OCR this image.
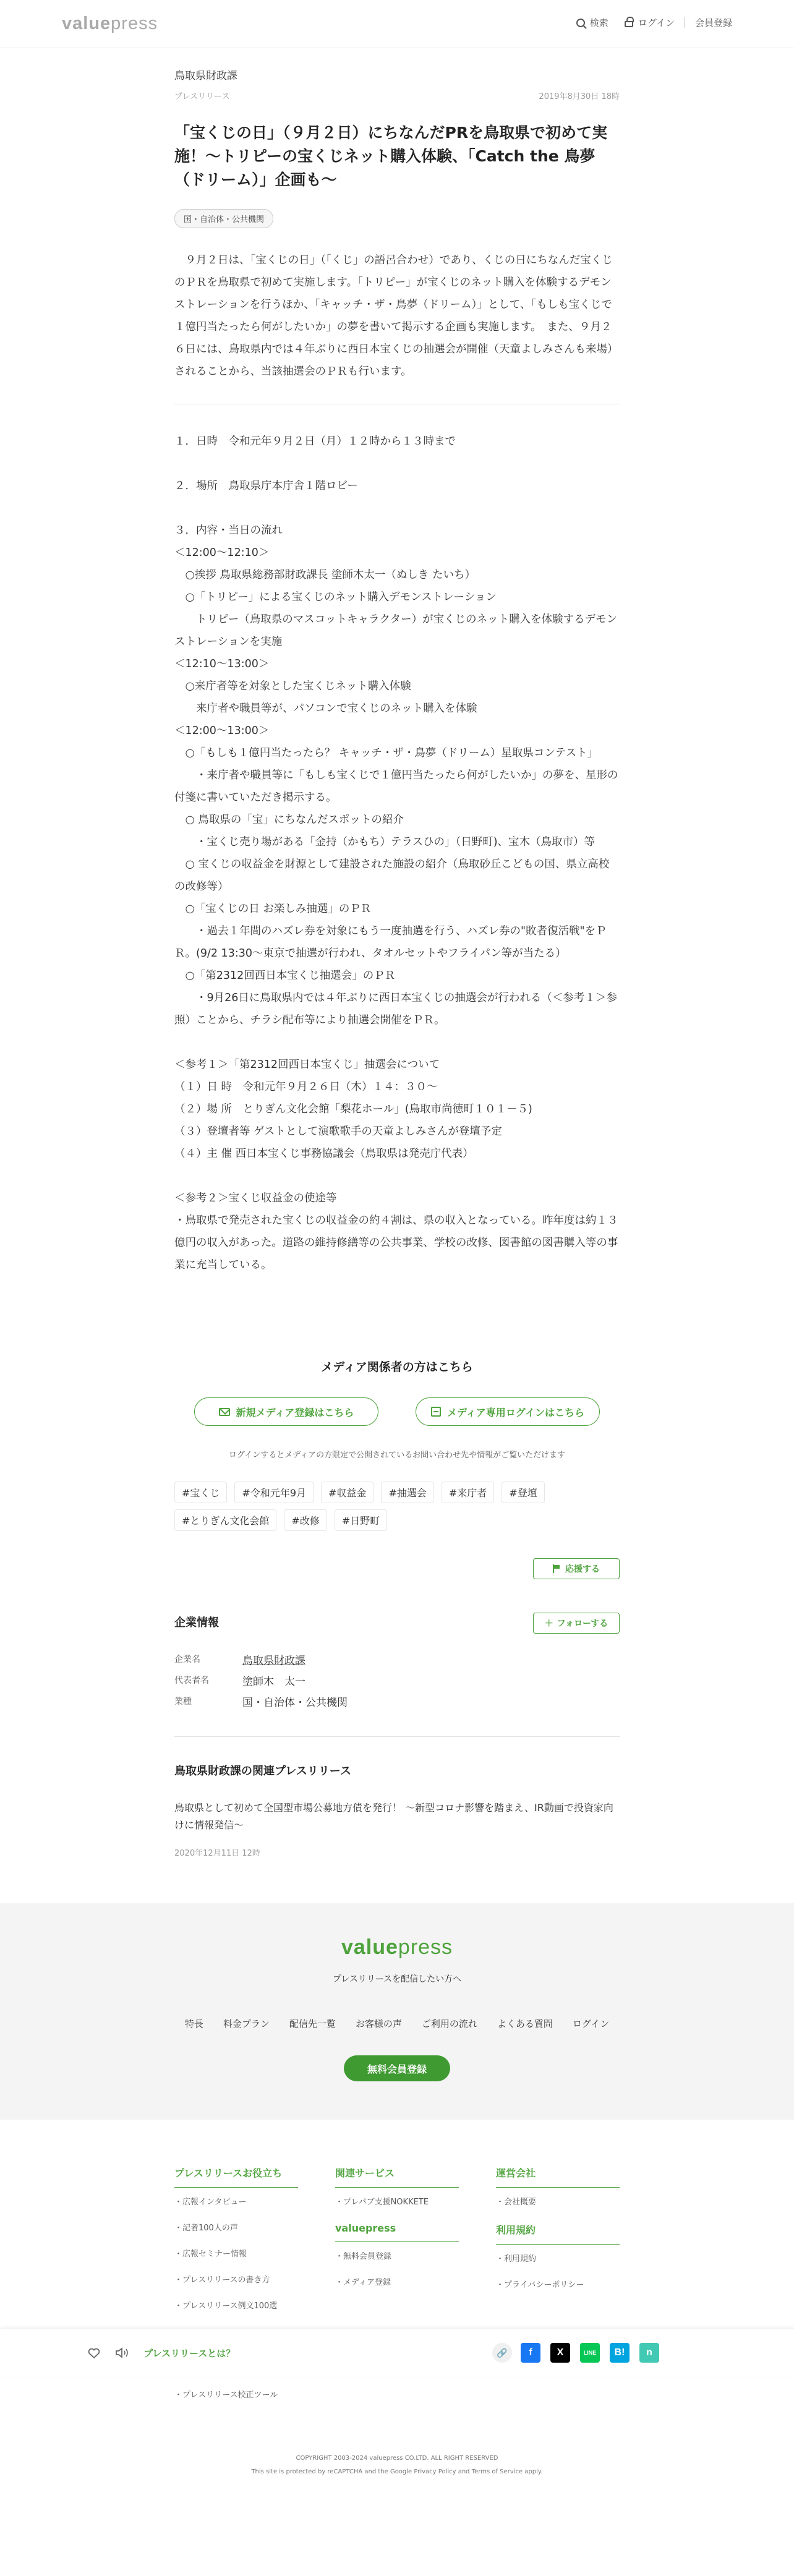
valuepress	検索	ログイン 会員登録
鳥取県財政課
プレスリリース	2019年8月30日 18時
「宝くじの日」（９月２日）にちなんだPRを鳥取県で初めて実施！～トリピーの宝くじネット購入体験、「Catch the 鳥夢（ドリーム）」企画も～
国・自治体・公共機関
　９月２日は、「宝くじの日」（「くじ」の語呂合わせ）であり、くじの日にちなんだ宝くじのＰＲを鳥取県で初めて実施します。「トリピー」が宝くじのネット購入を体験するデモンストレーションを行うほか、「キャッチ・ザ・鳥夢（ドリーム）」として、「もしも宝くじで１億円当たったら何がしたいか」の夢を書いて掲示する企画も実施します。　また、９月２６日には、鳥取県内では４年ぶりに西日本宝くじの抽選会が開催（天童よしみさんも来場）されることから、当該抽選会のＰＲも行います。
１．日時　令和元年９月２日（月）１２時から１３時まで

２．場所　鳥取県庁本庁舎１階ロビー

３．内容・当日の流れ
＜12:00～12:10＞
　○挨拶 鳥取県総務部財政課長 塗師木太一（ぬしき たいち）
　○「トリピー」による宝くじのネット購入デモンストレーション
　　トリピー（鳥取県のマスコットキャラクター）が宝くじのネット購入を体験するデモンストレーションを実施
＜12:10～13:00＞
　○来庁者等を対象とした宝くじネット購入体験
　　来庁者や職員等が、パソコンで宝くじのネット購入を体験
＜12:00～13:00＞
　○「もしも１億円当たったら？ キャッチ・ザ・鳥夢（ドリーム）星取県コンテスト」
　　・来庁者や職員等に「もしも宝くじで１億円当たったら何がしたいか」の夢を、星形の付箋に書いていただき掲示する。
　○ 鳥取県の「宝」にちなんだスポットの紹介
　　・宝くじ売り場がある「金持（かもち）テラスひの」（日野町)、宝木（鳥取市）等
　○ 宝くじの収益金を財源として建設された施設の紹介（鳥取砂丘こどもの国、県立高校の改修等）
　○「宝くじの日 お楽しみ抽選」のＰＲ
　　・過去１年間のハズレ券を対象にもう一度抽選を行う、ハズレ券の"敗者復活戦"をＰＲ。(9/2 13:30～東京で抽選が行われ、タオルセットやフライパン等が当たる）
　○「第2312回西日本宝くじ抽選会」のＰＲ
　　・9月26日に鳥取県内では４年ぶりに西日本宝くじの抽選会が行われる（＜参考１＞参照）ことから、チラシ配布等により抽選会開催をＰＲ。

＜参考１＞「第2312回西日本宝くじ」抽選会について
（１）日 時　令和元年９月２６日（木）１４：３０～
（２）場 所　とりぎん文化会館「梨花ホール」(鳥取市尚徳町１０１－５)
（３）登壇者等 ゲストとして演歌歌手の天童よしみさんが登壇予定
（４）主 催 西日本宝くじ事務協議会（鳥取県は発売庁代表）

＜参考２＞宝くじ収益金の使途等
・鳥取県で発売された宝くじの収益金の約４割は、県の収入となっている。昨年度は約１３億円の収入があった。道路の維持修繕等の公共事業、学校の改修、図書館の図書購入等の事業に充当している。
メディア関係者の方はこちら
新規メディア登録はこちら	メディア専用ログインはこちら
ログインするとメディアの方限定で公開されているお問い合わせ先や情報がご覧いただけます
#宝くじ	#令和元年9月	#収益金	#抽選会	#来庁者	#登壇
#とりぎん文化会館	#改修	#日野町
応援する
企業情報	＋ フォローする
企業名	鳥取県財政課
代表者名	塗師木　太一
業種	国・自治体・公共機関
鳥取県財政課の関連プレスリリース
鳥取県として初めて全国型市場公募地方債を発行！ ～新型コロナ影響を踏まえ、IR動画で投資家向けに情報発信～
2020年12月11日 12時
valuepress
プレスリリースを配信したい方へ
特長 料金プラン 配信先一覧 お客様の声 ご利用の流れ よくある質問 ログイン
無料会員登録
プレスリリースお役立ち
・ 広報インタビュー
・ 記者100人の声
・ 広報セミナー情報
・ プレスリリースの書き方
・ プレスリリース例文100選
関連サービス
・ プレパブ支援NOKKETE
valuepress
・ 無料会員登録
・ メディア登録
運営会社
・ 会社概要
利用規約
・ 利用規約
・ プライバシーポリシー
プレスリリースとは？	🔗	f	X	LINE	B!	n
・ プレスリリース校正ツール
COPYRIGHT 2003-2024 valuepress CO.LTD. ALL RIGHT RESERVED
This site is protected by reCAPTCHA and the Google Privacy Policy and Terms of Service apply.
